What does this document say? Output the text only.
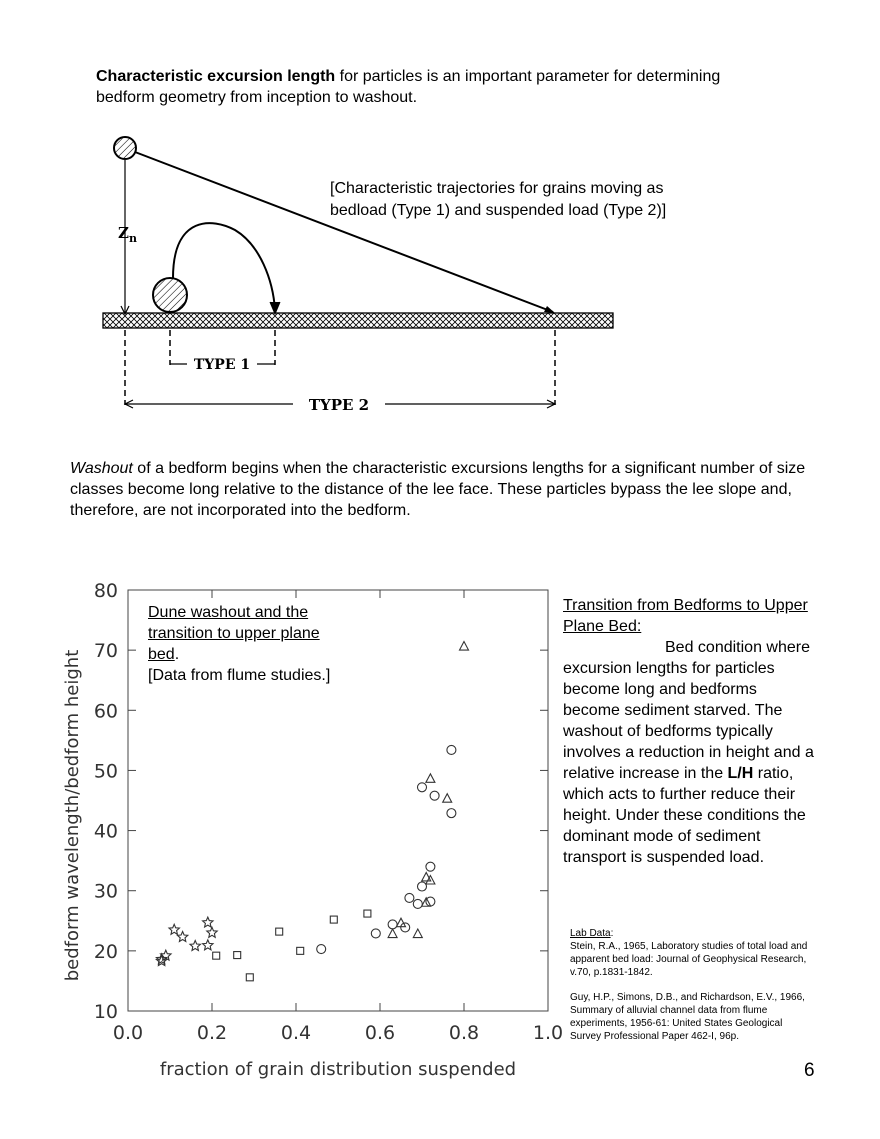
Characteristic excursion length for particles is an important parameter for determining bedform geometry from inception to washout.
$Z_n$
TYPE 1
TYPE 2
[Characteristic trajectories for grains moving as bedload (Type 1) and suspended load (Type 2)]
Washout of a bedform begins when the characteristic excursions lengths for a significant number of size classes become long relative to the distance of the lee face. These particles bypass the lee slope and, therefore, are not incorporated into the bedform.
10
20
30
40
50
60
70
80
0.0	0.2	0.4	0.6	0.8	1.0
fraction of grain distribution suspended
bedform wavelength/bedform height
Dune washout and the transition to upper plane bed.
[Data from flume studies.]
Transition from Bedforms to Upper Plane Bed:
Bed condition where excursion lengths for particles become long and bedforms become sediment starved. The washout of bedforms typically involves a reduction in height and a relative increase in the L/H ratio, which acts to further reduce their height. Under these conditions the dominant mode of sediment transport is suspended load.

Lab Data:
Stein, R.A., 1965, Laboratory studies of total load and apparent bed load: Journal of Geophysical Research, v.70, p.1831-1842.

Guy, H.P., Simons, D.B., and Richardson, E.V., 1966, Summary of alluvial channel data from flume experiments, 1956-61: United States Geological Survey Professional Paper 462-I, 96p.

6
